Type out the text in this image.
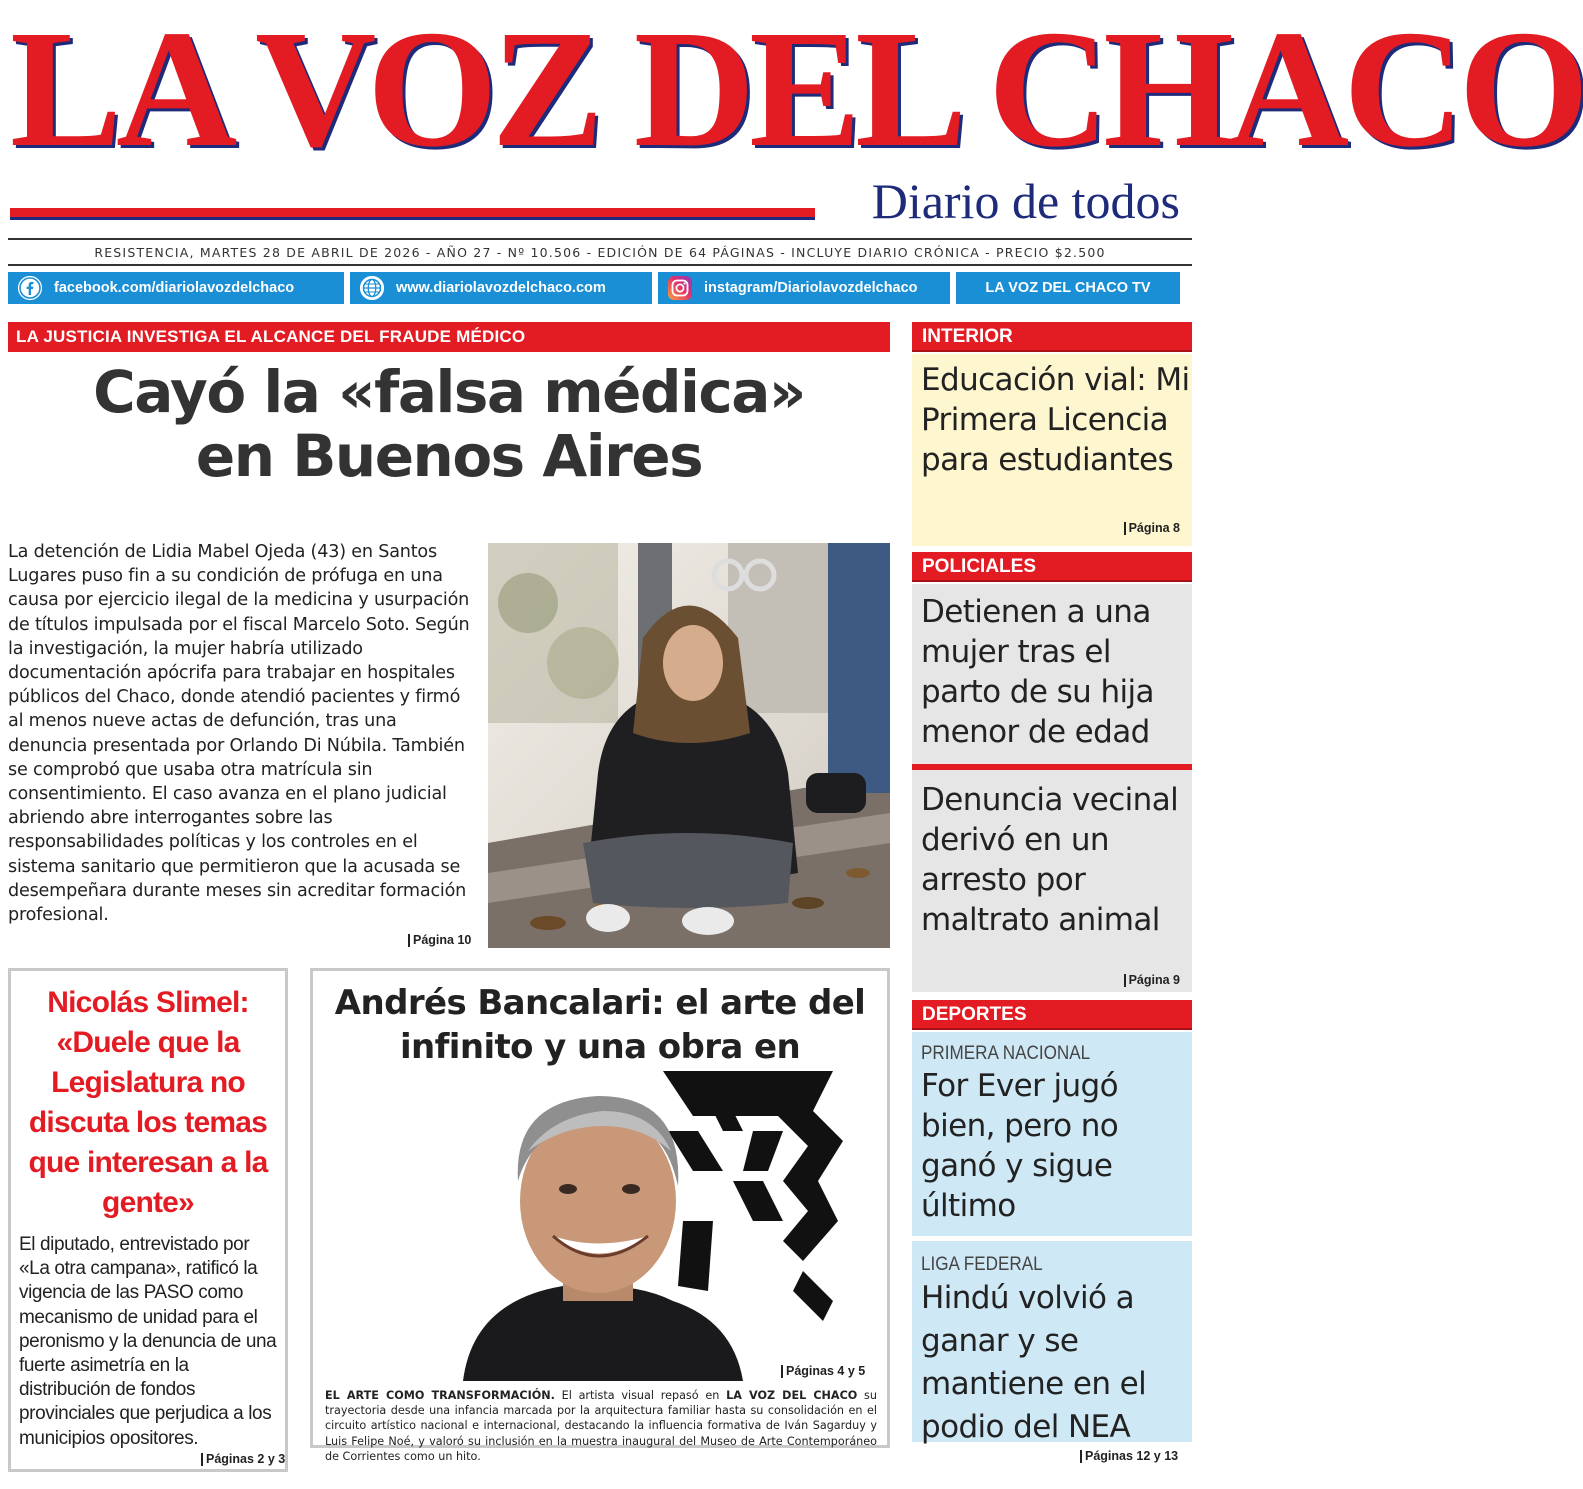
LA VOZ DEL CHACO
Diario de todos
RESISTENCIA, MARTES 28 DE ABRIL DE 2026 - AÑO 27 - Nº 10.506 - EDICIÓN DE 64 PÁGINAS - INCLUYE DIARIO CRÓNICA - PRECIO $2.500
facebook.com/diariolavozdelchaco	www.diariolavozdelchaco.com	instagram/Diariolavozdelchaco	LA VOZ DEL CHACO TV
LA JUSTICIA INVESTIGA EL ALCANCE DEL FRAUDE MÉDICO
Cayó la «falsa médica»
en Buenos Aires

La detención de Lidia Mabel Ojeda (43) en Santos Lugares puso fin a su condición de prófuga en una causa por ejercicio ilegal de la medicina y usurpación de títulos impulsada por el fiscal Marcelo Soto. Según la investigación, la mujer habría utilizado documentación apócrifa para trabajar en hospitales públicos del Chaco, donde atendió pacientes y firmó al menos nueve actas de defunción, tras una denuncia presentada por Orlando Di Núbila. También se comprobó que usaba otra matrícula sin consentimiento. El caso avanza en el plano judicial abriendo abre interrogantes sobre las responsabilidades políticas y los controles en el sistema sanitario que permitieron que la acusada se desempeñara durante meses sin acreditar formación profesional.

Página 10
INTERIOR
Educación vial: Mi Primera Licencia para estudiantes
Página 8
POLICIALES
Detienen a una mujer tras el parto de su hija menor de edad
Denuncia vecinal derivó en un arresto por maltrato animal
Página 9
DEPORTES
PRIMERA NACIONAL
For Ever jugó bien, pero no ganó y sigue último
LIGA FEDERAL
Hindú volvió a ganar y se mantiene en el podio del NEA
Páginas 12 y 13
Nicolás Slimel: «Duele que la Legislatura no discuta los temas que interesan a la gente»

El diputado, entrevistado por «La otra campana», ratificó la vigencia de las PASO como mecanismo de unidad para el peronismo y la denuncia de una fuerte asimetría en la distribución de fondos provinciales que perjudica a los municipios opositores.

Páginas 2 y 3
Andrés Bancalari: el arte del infinito y una obra en
Páginas 4 y 5

EL ARTE COMO TRANSFORMACIÓN. El artista visual repasó en LA VOZ DEL CHACO su trayectoria desde una infancia marcada por la arquitectura familiar hasta su consolidación en el circuito artístico nacional e internacional, destacando la influencia formativa de Iván Sagarduy y Luis Felipe Noé, y valoró su inclusión en la muestra inaugural del Museo de Arte Contemporáneo de Corrientes como un hito.
